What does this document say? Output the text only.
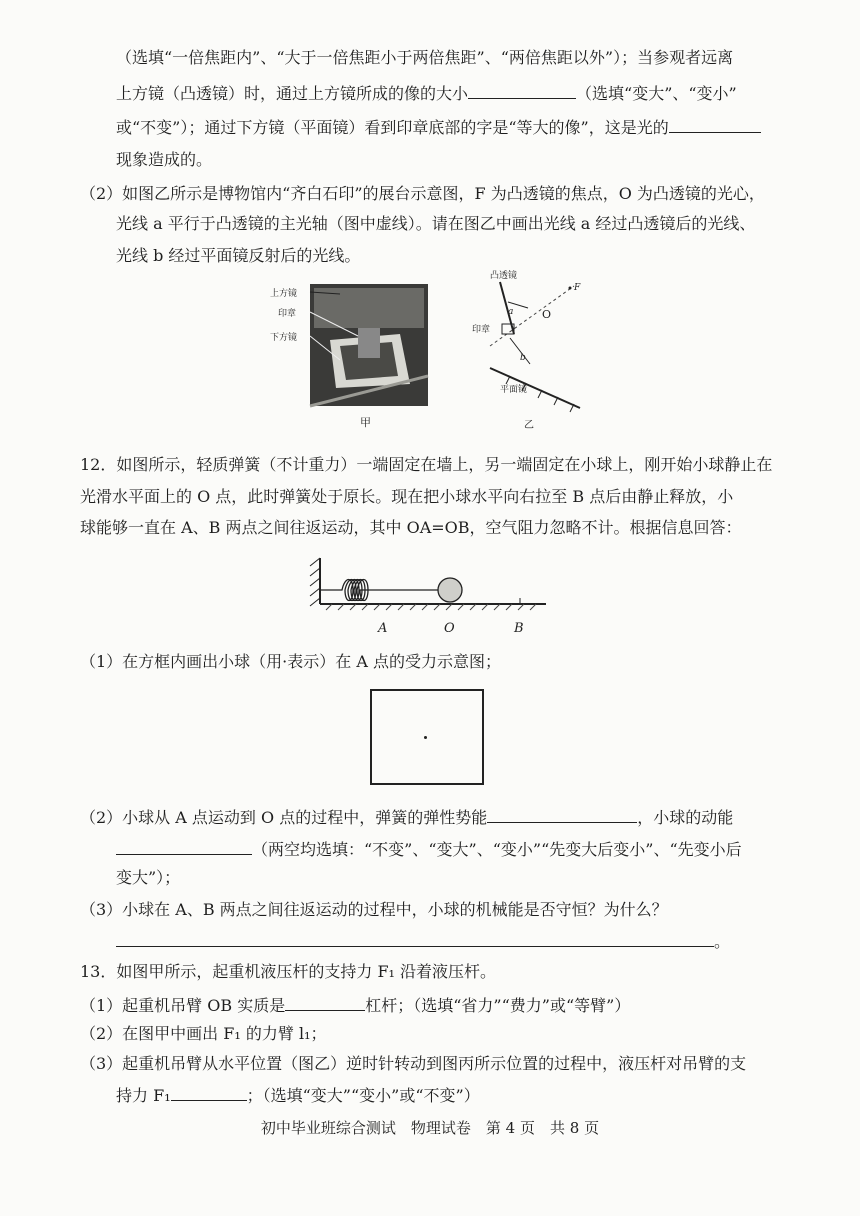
（选填“一倍焦距内”、“大于一倍焦距小于两倍焦距”、“两倍焦距以外”）；当参观者远离
上方镜（凸透镜）时，通过上方镜所成的像的大小	（选填“变大”、“变小”
或“不变”）；通过下方镜（平面镜）看到印章底部的字是“等大的像”，这是光的
现象造成的。
（2）如图乙所示是博物馆内“齐白石印”的展台示意图，F 为凸透镜的焦点，O 为凸透镜的光心，
光线 a 平行于凸透镜的主光轴（图中虚线）。请在图乙中画出光线 a 经过凸透镜后的光线、
光线 b 经过平面镜反射后的光线。
上方镜
印章
下方镜
甲
凸透镜
F
O
a
印章
b
平面镜
乙
12．如图所示，轻质弹簧（不计重力）一端固定在墙上，另一端固定在小球上，刚开始小球静止在
光滑水平面上的 O 点，此时弹簧处于原长。现在把小球水平向右拉至 B 点后由静止释放，小
球能够一直在 A、B 两点之间往返运动，其中 OA=OB，空气阻力忽略不计。根据信息回答：
A	O	B
（1）在方框内画出小球（用·表示）在 A 点的受力示意图；
（2）小球从 A 点运动到 O 点的过程中，弹簧的弹性势能	，小球的动能
（两空均选填：“不变”、“变大”、“变小”“先变大后变小”、“先变小后
变大”）；
（3）小球在 A、B 两点之间往返运动的过程中，小球的机械能是否守恒？为什么？
。
13．如图甲所示，起重机液压杆的支持力 F₁ 沿着液压杆。
（1）起重机吊臂 OB 实质是	杠杆；（选填“省力”“费力”或“等臂”）
（2）在图甲中画出 F₁ 的力臂 l₁；
（3）起重机吊臂从水平位置（图乙）逆时针转动到图丙所示位置的过程中，液压杆对吊臂的支
持力 F₁	；（选填“变大”“变小”或“不变”）
初中毕业班综合测试　物理试卷　第 4 页　共 8 页
